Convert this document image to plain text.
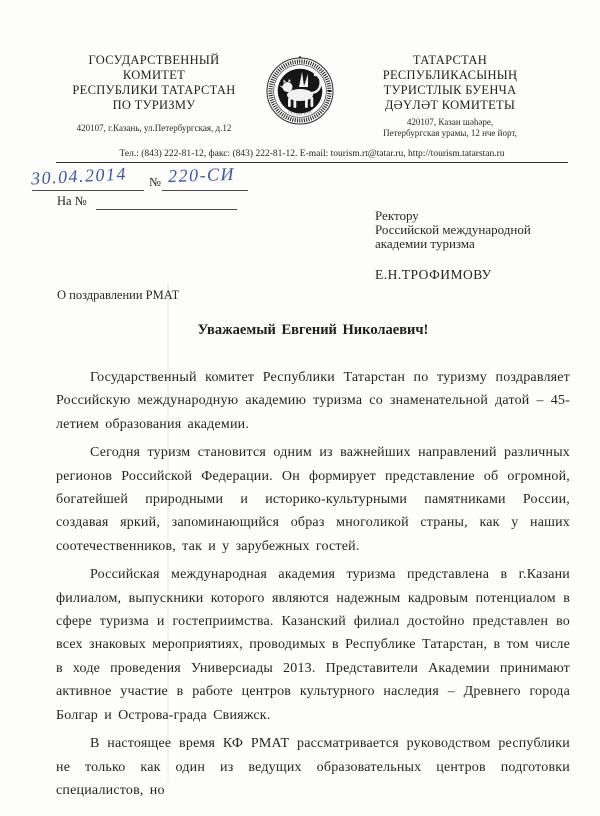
ГОСУДАРСТВЕННЫЙ
КОМИТЕТ
РЕСПУБЛИКИ ТАТАРСТАН
ПО ТУРИЗМУ
420107, г.Казань, ул.Петербургская, д.12
ТАТАРСТАН
ТАТАРСТАН
РЕСПУБЛИКАСЫНЫҢ
ТУРИСТЛЫК БУЕНЧА
ДӘҮЛӘТ КОМИТЕТЫ
420107, Казан шәһәре,
Петербургская урамы, 12 нче йорт,
Тел.: (843) 222-81-12, факс: (843) 222-81-12. E-mail: tourism.rt@tatar.ru, http://tourism.tatarstan.ru
30.04.2014 № 220-СИ
На №
Ректору
Российской международной
академии туризма
Е.Н.ТРОФИМОВУ
О поздравлении РМАТ
Уважаемый Евгений Николаевич!

Государственный комитет Республики Татарстан по туризму поздравляет Российскую международную академию туризма со знаменательной датой – 45-летием образования академии.

Сегодня туризм становится одним из важнейших направлений различных регионов Российской Федерации. Он формирует представление об огромной, богатейшей природными и историко-культурными памятниками России, создавая яркий, запоминающийся образ многоликой страны, как у наших соотечественников, так и у зарубежных гостей.

Российская международная академия туризма представлена в г.Казани филиалом, выпускники которого являются надежным кадровым потенциалом в сфере туризма и гостеприимства. Казанский филиал достойно представлен во всех знаковых мероприятиях, проводимых в Республике Татарстан, в том числе в ходе проведения Универсиады 2013. Представители Академии принимают активное участие в работе центров культурного наследия – Древнего города Болгар и Острова-града Свияжск.

В настоящее время КФ РМАТ рассматривается руководством республики не только как один из ведущих образовательных центров подготовки специалистов, но
